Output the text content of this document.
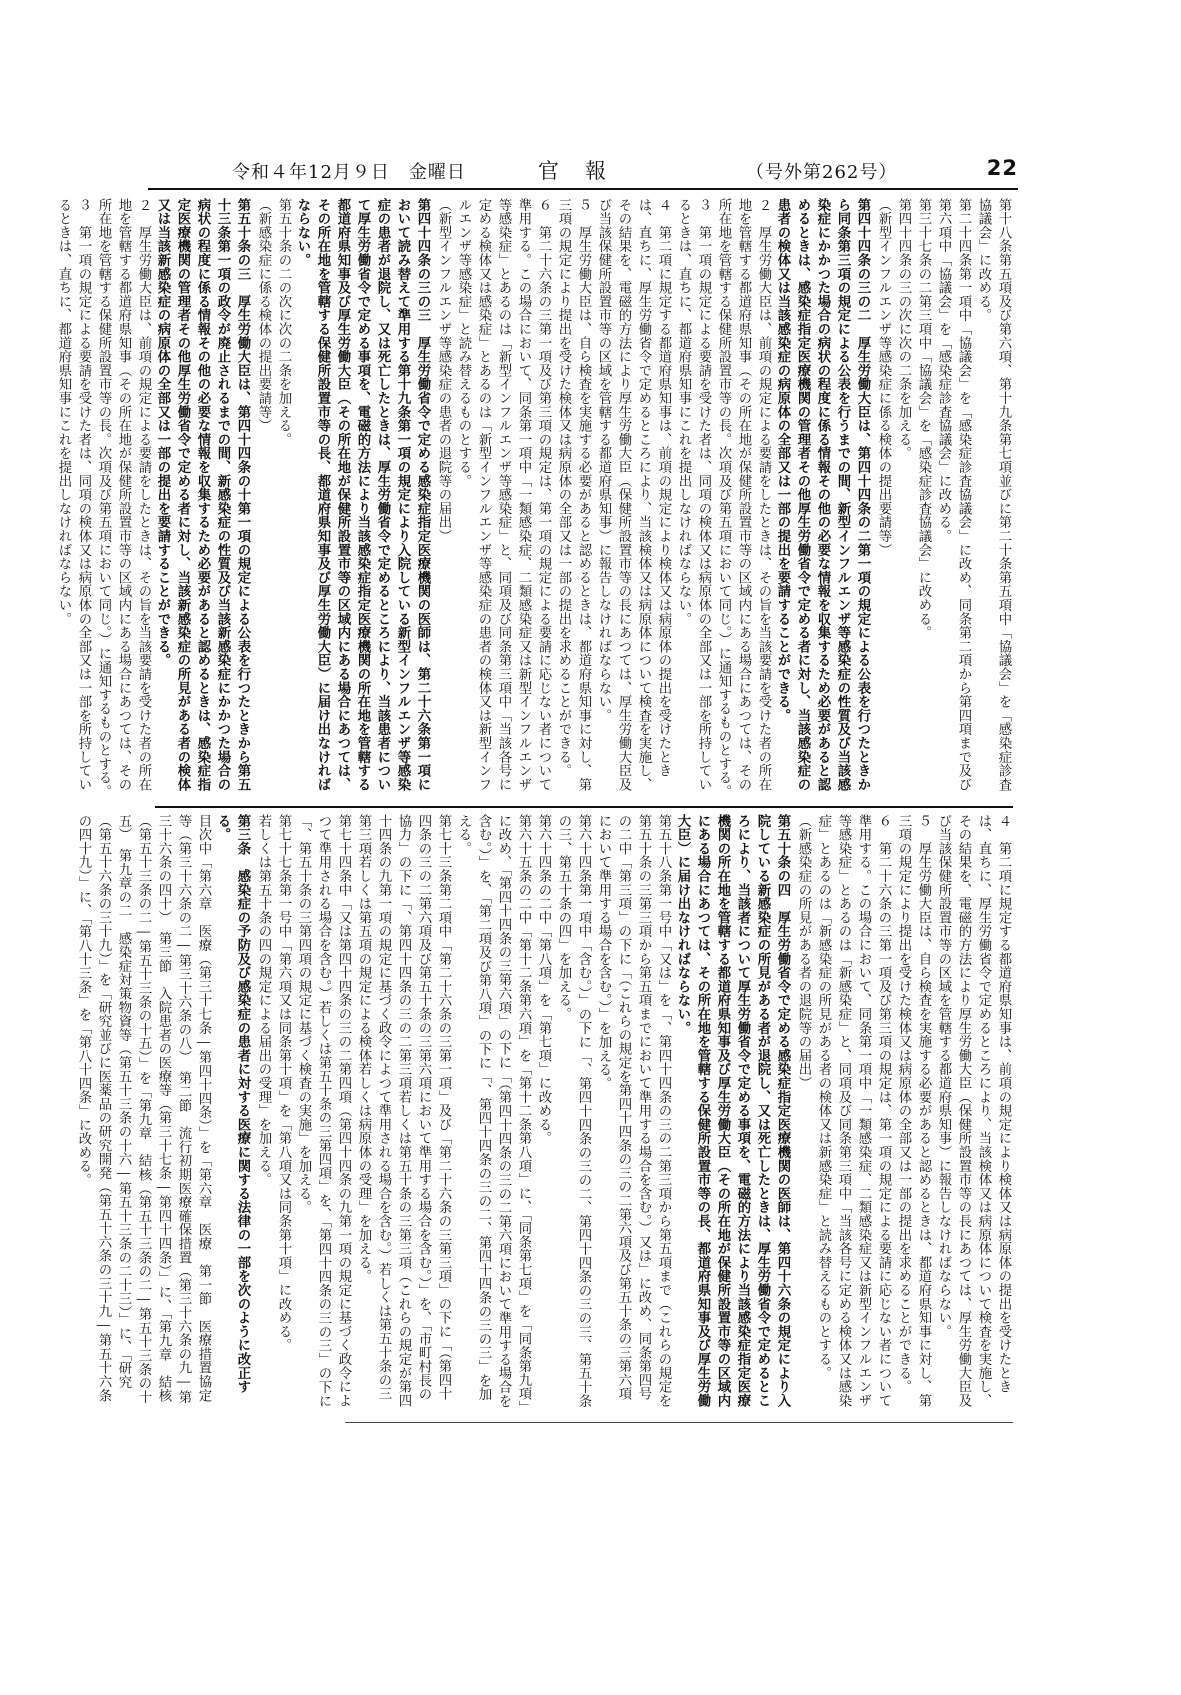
令和４年12月９日　金曜日	官報	（号外第262号）	22

第十八条第五項及び第六項、第十九条第七項並びに第二十条第五項中「協議会」を「感染症診査協議会」に改める。

第二十四条第一項中「協議会」を「感染症診査協議会」に改め、同条第二項から第四項まで及び第六項中「協議会」を「感染症診査協議会」に改める。

第三十七条の二第三項中「協議会」を「感染症診査協議会」に改める。

第四十四条の三の次に次の二条を加える。

（新型インフルエンザ等感染症に係る検体の提出要請等）

第四十四条の三の二　厚生労働大臣は、第四十四条の二第一項の規定による公表を行つたときから同条第三項の規定による公表を行うまでの間、新型インフルエンザ等感染症の性質及び当該感染症にかかつた場合の病状の程度に係る情報その他の必要な情報を収集するため必要があると認めるときは、感染症指定医療機関の管理者その他厚生労働省令で定める者に対し、当該感染症の患者の検体又は当該感染症の病原体の全部又は一部の提出を要請することができる。

２　厚生労働大臣は、前項の規定による要請をしたときは、その旨を当該要請を受けた者の所在地を管轄する都道府県知事（その所在地が保健所設置市等の区域内にある場合にあつては、その所在地を管轄する保健所設置市等の長。次項及び第五項において同じ。）に通知するものとする。

３　第一項の規定による要請を受けた者は、同項の検体又は病原体の全部又は一部を所持しているときは、直ちに、都道府県知事にこれを提出しなければならない。

４　第二項に規定する都道府県知事は、前項の規定により検体又は病原体の提出を受けたときは、直ちに、厚生労働省令で定めるところにより、当該検体又は病原体について検査を実施し、その結果を、電磁的方法により厚生労働大臣（保健所設置市等の長にあつては、厚生労働大臣及び当該保健所設置市等の区域を管轄する都道府県知事）に報告しなければならない。

５　厚生労働大臣は、自ら検査を実施する必要があると認めるときは、都道府県知事に対し、第三項の規定により提出を受けた検体又は病原体の全部又は一部の提出を求めることができる。

６　第二十六条の三第一項及び第三項の規定は、第一項の規定による要請に応じない者について準用する。この場合において、同条第一項中「一類感染症、二類感染症又は新型インフルエンザ等感染症」とあるのは「新型インフルエンザ等感染症」と、同項及び同条第三項中「当該各号に定める検体又は感染症」とあるのは「新型インフルエンザ等感染症の患者の検体又は新型インフルエンザ等感染症」と読み替えるものとする。

（新型インフルエンザ等感染症の患者の退院等の届出）

第四十四条の三の三　厚生労働省令で定める感染症指定医療機関の医師は、第二十六条第一項において読み替えて準用する第十九条第一項の規定により入院している新型インフルエンザ等感染症の患者が退院し、又は死亡したときは、厚生労働省令で定めるところにより、当該患者について厚生労働省令で定める事項を、電磁的方法により当該感染症指定医療機関の所在地を管轄する都道府県知事及び厚生労働大臣（その所在地が保健所設置市等の区域内にある場合にあつては、その所在地を管轄する保健所設置市等の長、都道府県知事及び厚生労働大臣）に届け出なければならない。

第五十条の二の次に次の二条を加える。

（新感染症に係る検体の提出要請等）

第五十条の三　厚生労働大臣は、第四十四条の十第一項の規定による公表を行つたときから第五十三条第一項の政令が廃止されるまでの間、新感染症の性質及び当該新感染症にかかつた場合の病状の程度に係る情報その他の必要な情報を収集するため必要があると認めるときは、感染症指定医療機関の管理者その他厚生労働省令で定める者に対し、当該新感染症の所見がある者の検体又は当該新感染症の病原体の全部又は一部の提出を要請することができる。

２　厚生労働大臣は、前項の規定による要請をしたときは、その旨を当該要請を受けた者の所在地を管轄する都道府県知事（その所在地が保健所設置市等の区域内にある場合にあつては、その所在地を管轄する保健所設置市等の長。次項及び第五項において同じ。）に通知するものとする。

３　第一項の規定による要請を受けた者は、同項の検体又は病原体の全部又は一部を所持しているときは、直ちに、都道府県知事にこれを提出しなければならない。

４　第二項に規定する都道府県知事は、前項の規定により検体又は病原体の提出を受けたときは、直ちに、厚生労働省令で定めるところにより、当該検体又は病原体について検査を実施し、その結果を、電磁的方法により厚生労働大臣（保健所設置市等の長にあつては、厚生労働大臣及び当該保健所設置市等の区域を管轄する都道府県知事）に報告しなければならない。

５　厚生労働大臣は、自ら検査を実施する必要があると認めるときは、都道府県知事に対し、第三項の規定により提出を受けた検体又は病原体の全部又は一部の提出を求めることができる。

６　第二十六条の三第一項及び第三項の規定は、第一項の規定による要請に応じない者について準用する。この場合において、同条第一項中「一類感染症、二類感染症又は新型インフルエンザ等感染症」とあるのは「新感染症」と、同項及び同条第三項中「当該各号に定める検体又は感染症」とあるのは「新感染症の所見がある者の検体又は新感染症」と読み替えるものとする。

（新感染症の所見がある者の退院等の届出）

第五十条の四　厚生労働省令で定める感染症指定医療機関の医師は、第四十六条の規定により入院している新感染症の所見がある者が退院し、又は死亡したときは、厚生労働省令で定めるところにより、当該者について厚生労働省令で定める事項を、電磁的方法により当該感染症指定医療機関の所在地を管轄する都道府県知事及び厚生労働大臣（その所在地が保健所設置市等の区域内にある場合にあつては、その所在地を管轄する保健所設置市等の長、都道府県知事及び厚生労働大臣）に届け出なければならない。

第五十八条第一号中「又は」を「、第四十四条の三の二第三項から第五項まで（これらの規定を第五十条の三第三項から第五項までにおいて準用する場合を含む。）又は」に改め、同条第四号の二中「第三項」の下に「（これらの規定を第四十四条の三の二第六項及び第五十条の三第六項において準用する場合を含む。）」を加える。

第六十四条第一項中「含む。）」の下に「、第四十四条の三の二、第四十四条の三の三、第五十条の三、第五十条の四」を加える。

第六十四条の二中「第八項」を「第七項」に改める。

第六十五条の二中「第十二条第六項」を「第十二条第八項」に、「同条第七項」を「同条第九項」に改め、「第四十四条の三第六項」の下に「（第四十四条の三の二第六項において準用する場合を含む。）」を、「第二項及び第八項」の下に「、第四十四条の三の二、第四十四条の三の三」を加える。

第七十三条第二項中「第二十六条の三第一項」及び「第二十六条の三第三項」の下に「（第四十四条の三の二第六項及び第五十条の三第六項において準用する場合を含む。）」を、「市町村長の協力」の下に「、第四十四条の三の二第三項若しくは第五十条の三第三項（これらの規定が第四十四条の九第一項の規定に基づく政令によつて準用される場合を含む。）若しくは第五十条の三第三項若しくは第五項の規定による検体若しくは病原体の受理」を加える。

第七十四条中「又は第四十四条の三の二第四項（第四十四条の九第一項の規定に基づく政令によつて準用される場合を含む。）若しくは第五十条の三第四項」を、「第四十四条の三の三」の下に「、第五十条の三第四項の規定に基づく検査の実施」を加える。

第七十七条第一号中「第六項又は同条第十項」を「第八項又は同条第十項」に改める。

若しくは第五十条の四の規定による届出の受理」を加える。

第三条　感染症の予防及び感染症の患者に対する医療に関する法律の一部を次のように改正する。

目次中「第六章　医療（第三十七条―第四十四条）」を「第六章　医療　第一節　医療措置協定等（第三十六条の二―第三十六条の八）　第二節　流行初期医療確保措置（第三十六条の九―第三十六条の四十）　第三節　入院患者の医療等（第三十七条―第四十四条）」に、「第九章　結核（第五十三条の二―第五十三条の十五）」を「第九章　結核（第五十三条の二―第五十三条の十五）　第九章の二　感染症対策物資等（第五十三条の十六―第五十三条の二十三）」に、「研究（第五十六条の三十九）」を「研究並びに医薬品の研究開発（第五十六条の三十九―第五十六条の四十九）」に、「第八十三条」を「第八十四条」に改める。
